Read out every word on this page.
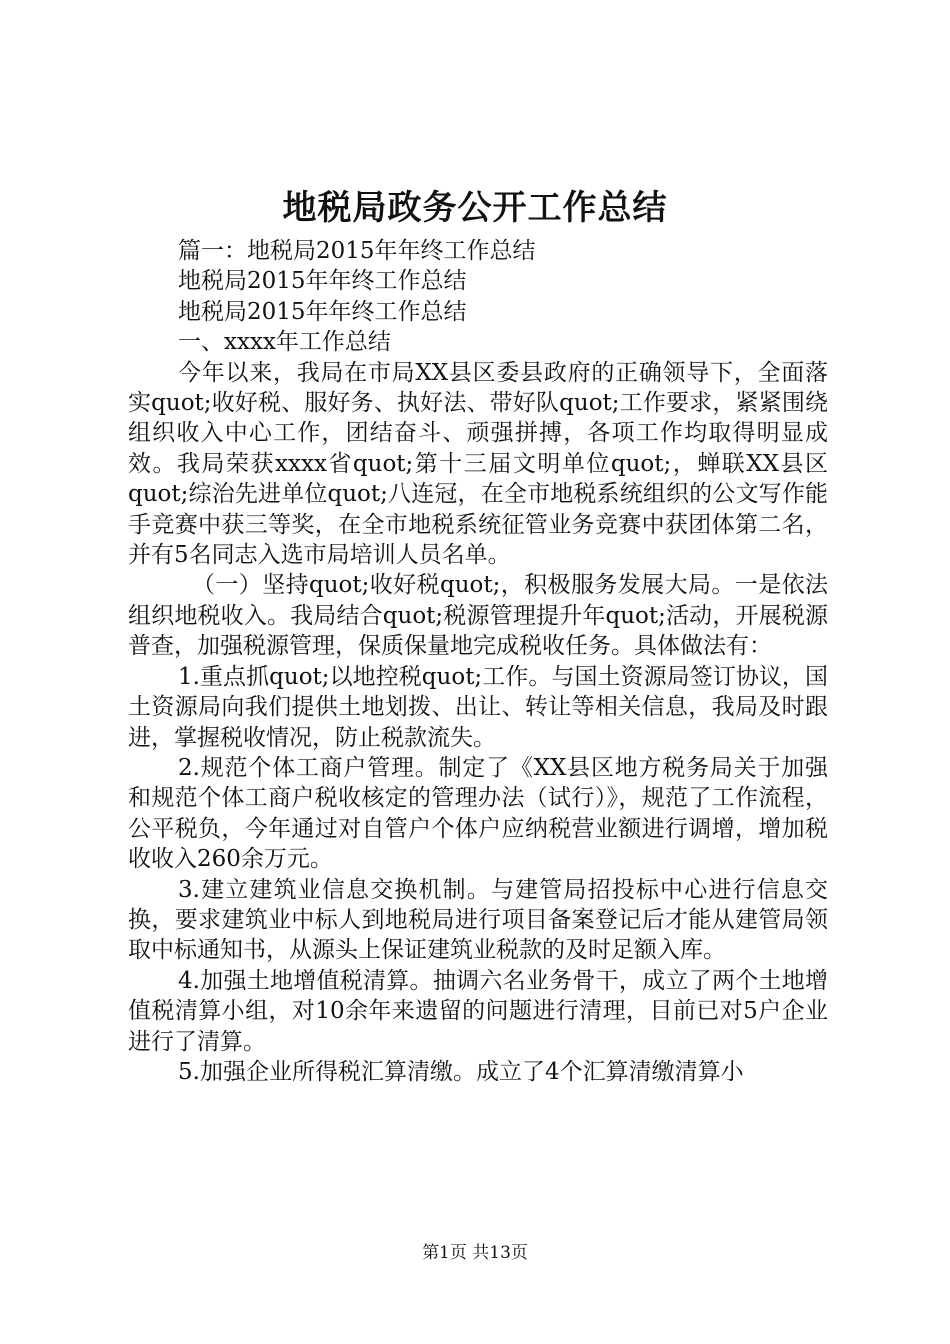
地税局政务公开工作总结

篇一：地税局2015年年终工作总结

地税局2015年年终工作总结

地税局2015年年终工作总结

一、xxxx年工作总结

今年以来，我局在市局XX县区委县政府的正确领导下，全面落实quot;收好税、服好务、执好法、带好队quot;工作要求，紧紧围绕组织收入中心工作，团结奋斗、顽强拼搏，各项工作均取得明显成效。我局荣获xxxx省quot;第十三届文明单位quot;，蝉联XX县区quot;综治先进单位quot;八连冠，在全市地税系统组织的公文写作能手竞赛中获三等奖，在全市地税系统征管业务竞赛中获团体第二名，并有5名同志入选市局培训人员名单。

（一）坚持quot;收好税quot;，积极服务发展大局。一是依法组织地税收入。我局结合quot;税源管理提升年quot;活动，开展税源普查，加强税源管理，保质保量地完成税收任务。具体做法有：

1.重点抓quot;以地控税quot;工作。与国土资源局签订协议，国土资源局向我们提供土地划拨、出让、转让等相关信息，我局及时跟进，掌握税收情况，防止税款流失。

2.规范个体工商户管理。制定了《XX县区地方税务局关于加强和规范个体工商户税收核定的管理办法（试行）》，规范了工作流程，公平税负，今年通过对自管户个体户应纳税营业额进行调增，增加税收收入260余万元。

3.建立建筑业信息交换机制。与建管局招投标中心进行信息交换，要求建筑业中标人到地税局进行项目备案登记后才能从建管局领取中标通知书，从源头上保证建筑业税款的及时足额入库。

4.加强土地增值税清算。抽调六名业务骨干，成立了两个土地增值税清算小组，对10余年来遗留的问题进行清理，目前已对5户企业进行了清算。

5.加强企业所得税汇算清缴。成立了4个汇算清缴清算小

第1页 共13页
